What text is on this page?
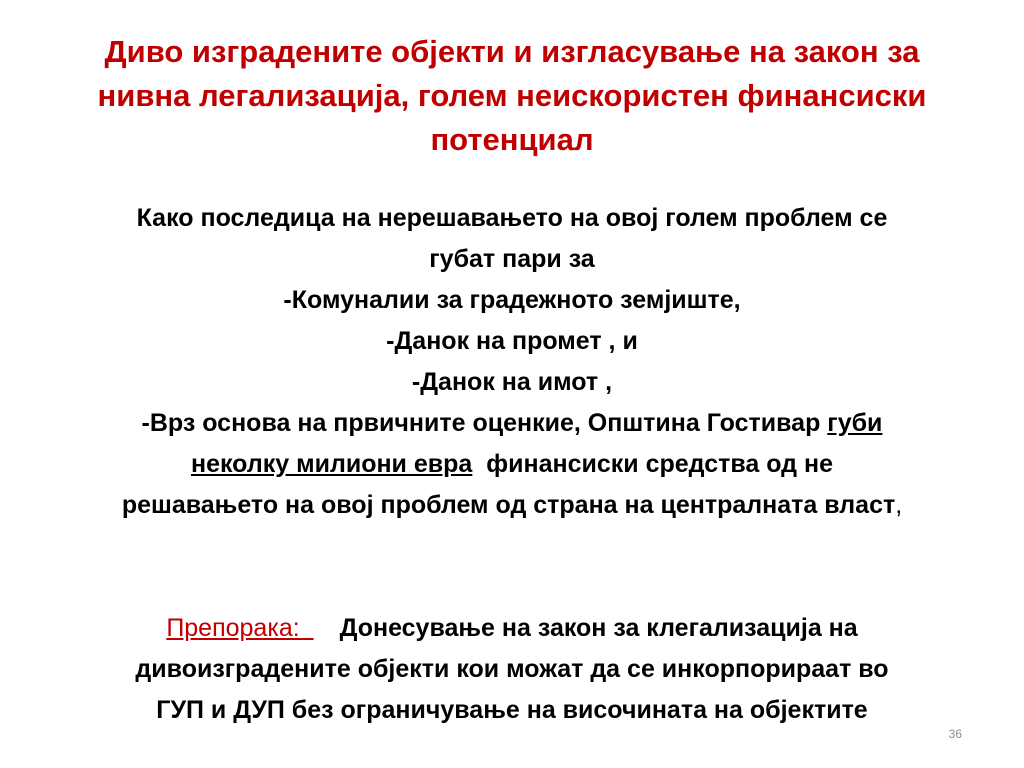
Диво изградените објекти и изгласување на закон за
нивна легализација, голем неискористен финансиски
потенциал
Како последица на нерешавањето на овој голем проблем се
губат пари за
-Комуналии за градежното земјиште,
-Данок на промет , и
-Данок на имот ,
-Врз основа на првичните оценкие, Општина Гостивар губи
неколку милиони евра  финансиски средства од не
решавањето на овој проблем од страна на централната власт,
Препорака:  Донесување на закон за клегализација на
дивоизградените објекти кои можат да се инкорпорираат во
ГУП и ДУП без ограничување на височината на објектите
36
